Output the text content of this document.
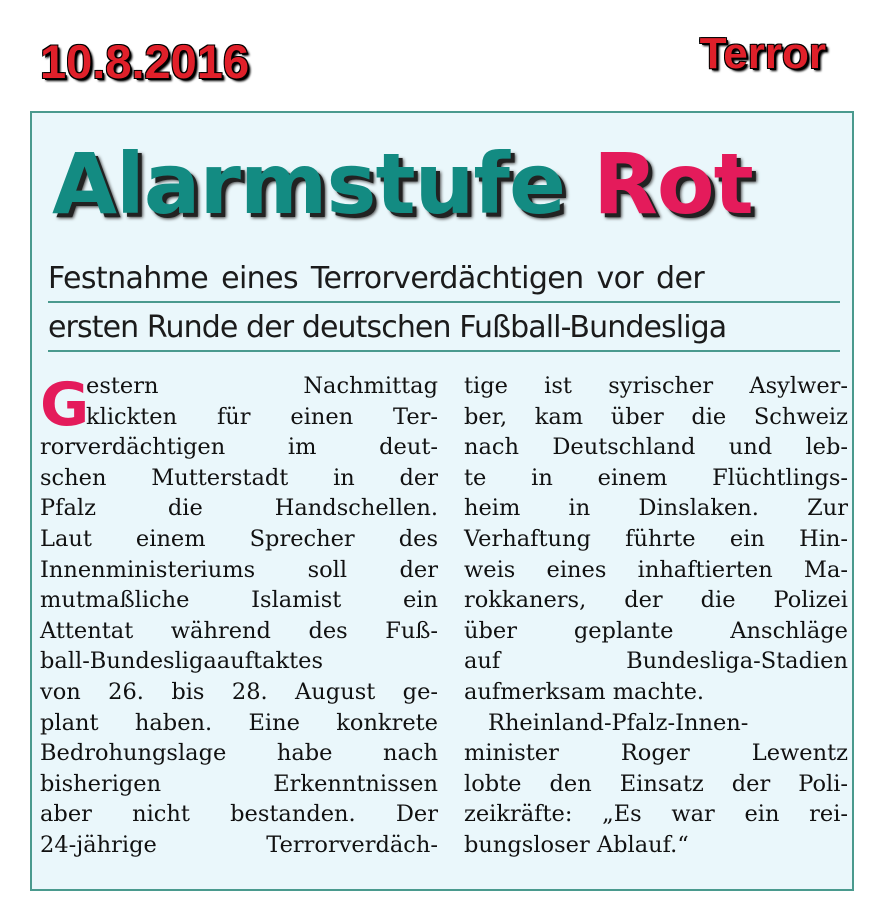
10.8.2016	Terror
Alarmstufe Rot
Festnahme eines Terrorverdächtigen vor der
ersten Runde der deutschen Fußball-Bundesliga
G
estern Nachmittag
klickten für einen Ter-
rorverdächtigen im deut-
schen Mutterstadt in der
Pfalz die Handschellen.
Laut einem Sprecher des
Innenministeriums soll der
mutmaßliche Islamist ein
Attentat während des Fuß-
ball-Bundesligaauftaktes
von 26. bis 28. August ge-
plant haben. Eine konkrete
Bedrohungslage habe nach
bisherigen Erkenntnissen
aber nicht bestanden. Der
24-jährige Terrorverdäch-
tige ist syrischer Asylwer-
ber, kam über die Schweiz
nach Deutschland und leb-
te in einem Flüchtlings-
heim in Dinslaken. Zur
Verhaftung führte ein Hin-
weis eines inhaftierten Ma-
rokkaners, der die Polizei
über geplante Anschläge
auf Bundesliga-Stadien
aufmerksam machte.
Rheinland-Pfalz-Innen-
minister Roger Lewentz
lobte den Einsatz der Poli-
zeikräfte: „Es war ein rei-
bungsloser Ablauf.“
